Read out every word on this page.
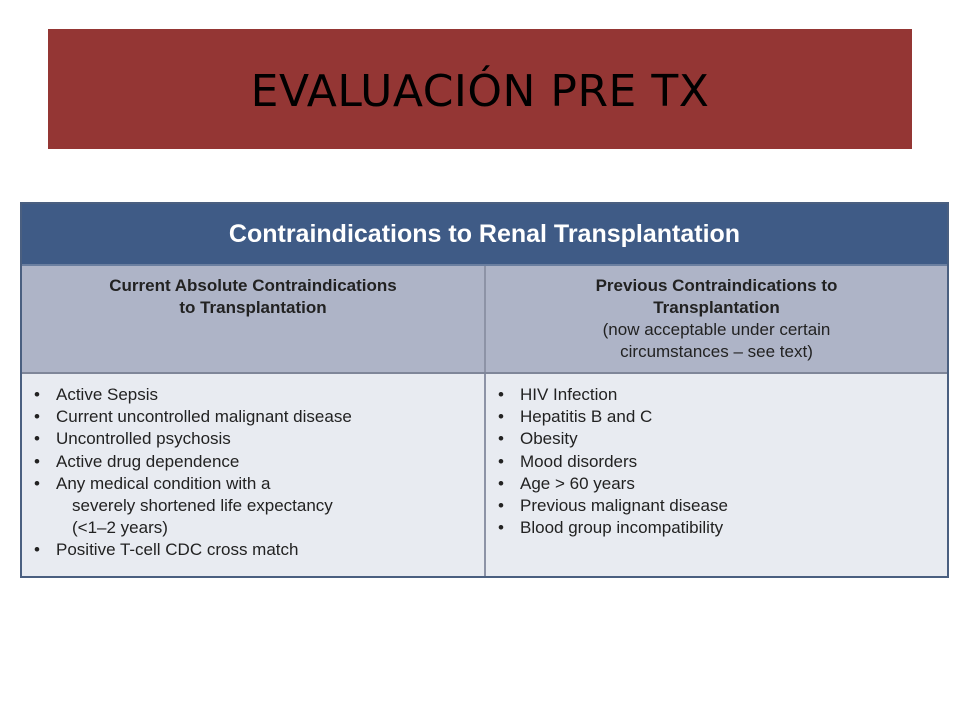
EVALUACIÓN PRE TX
Contraindications to Renal Transplantation
Current Absolute Contraindications
to Transplantation
Previous Contraindications to
Transplantation
(now acceptable under certain
circumstances – see text)
• Active Sepsis
• Current uncontrolled malignant disease
• Uncontrolled psychosis
• Active drug dependence
• Any medical condition with a
severely shortened life expectancy
(<1–2 years)
• Positive T-cell CDC cross match
• HIV Infection
• Hepatitis B and C
• Obesity
• Mood disorders
• Age > 60 years
• Previous malignant disease
• Blood group incompatibility
